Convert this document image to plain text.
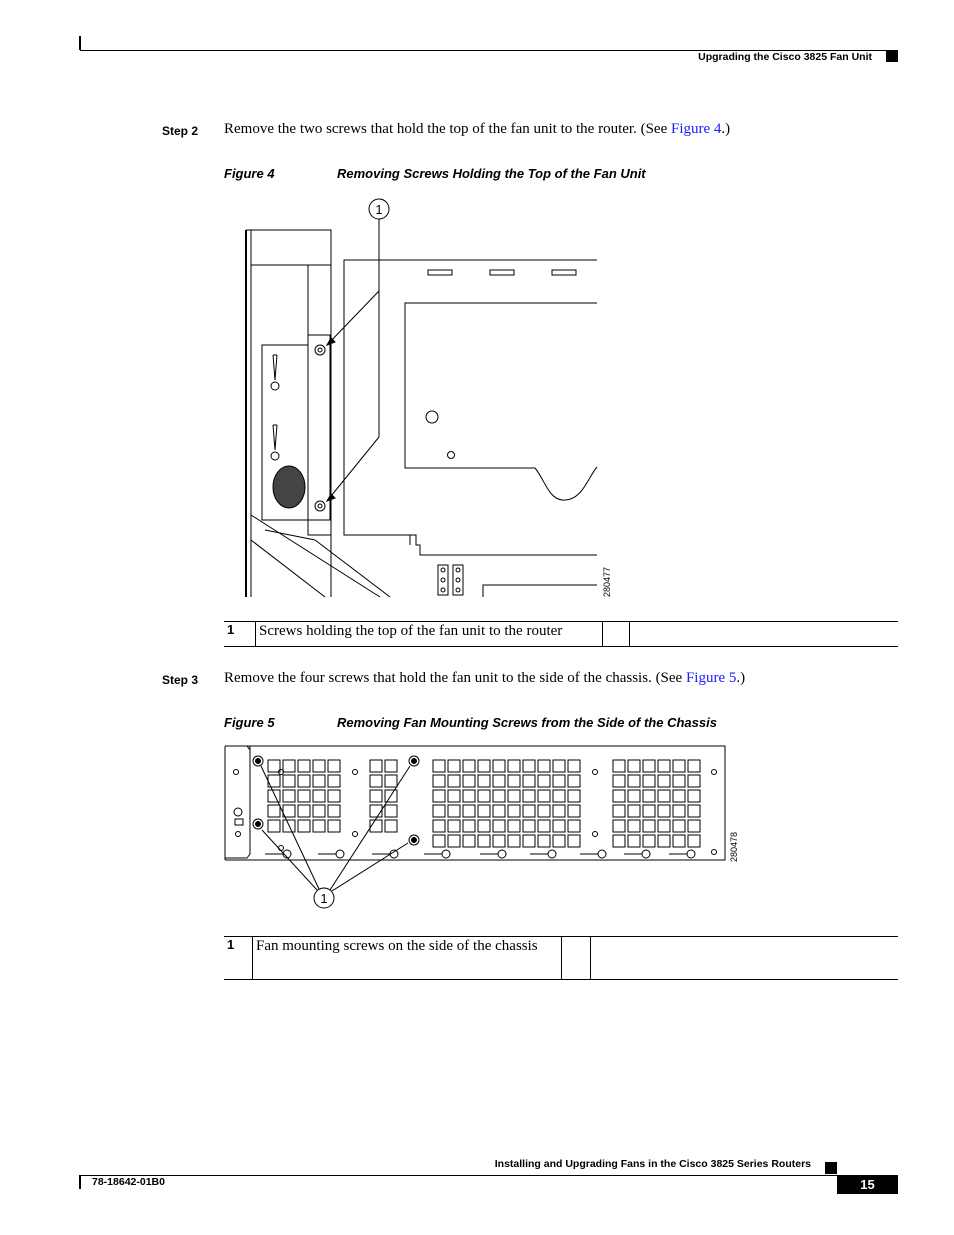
Upgrading the Cisco 3825 Fan Unit
Step 2 Remove the two screws that hold the top of the fan unit to the router. (See Figure 4.)
Figure 4	Removing Screws Holding the Top of the Fan Unit
1
280477
1	Screws holding the top of the fan unit to the router		
Step 3 Remove the four screws that hold the fan unit to the side of the chassis. (See Figure 5.)
Figure 5	Removing Fan Mounting Screws from the Side of the Chassis
1
280478
1	Fan mounting screws on the side of the chassis		
Installing and Upgrading Fans in the Cisco 3825 Series Routers
78-18642-01B0	15
